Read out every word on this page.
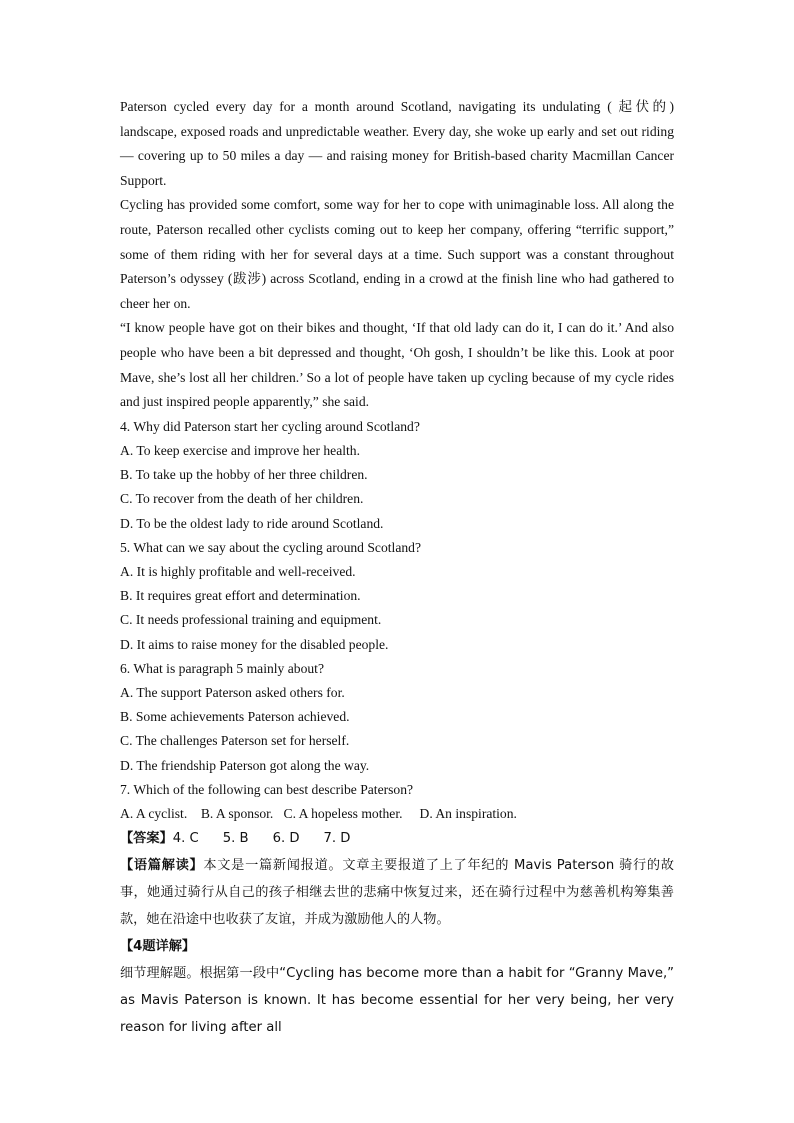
Paterson cycled every day for a month around Scotland, navigating its undulating ( 起伏的) landscape, exposed roads and unpredictable weather. Every day, she woke up early and set out riding — covering up to 50 miles a day — and raising money for British-based charity Macmillan Cancer Support.

Cycling has provided some comfort, some way for her to cope with unimaginable loss. All along the route, Paterson recalled other cyclists coming out to keep her company, offering “terrific support,” some of them riding with her for several days at a time. Such support was a constant throughout Paterson’s odyssey (跋涉) across Scotland, ending in a crowd at the finish line who had gathered to cheer her on.

“I know people have got on their bikes and thought, ‘If that old lady can do it, I can do it.’ And also people who have been a bit depressed and thought, ‘Oh gosh, I shouldn’t be like this. Look at poor Mave, she’s lost all her children.’ So a lot of people have taken up cycling because of my cycle rides and just inspired people apparently,” she said.

4. Why did Paterson start her cycling around Scotland?

A. To keep exercise and improve her health.

B. To take up the hobby of her three children.

C. To recover from the death of her children.

D. To be the oldest lady to ride around Scotland.

5. What can we say about the cycling around Scotland?

A. It is highly profitable and well-received.

B. It requires great effort and determination.

C. It needs professional training and equipment.

D. It aims to raise money for the disabled people.

6. What is paragraph 5 mainly about?

A. The support Paterson asked others for.

B. Some achievements Paterson achieved.

C. The challenges Paterson set for herself.

D. The friendship Paterson got along the way.

7. Which of the following can best describe Paterson?

A. A cyclist. B. A sponsor. C. A hopeless mother. D. An inspiration.

【答案】4. C 5. B 6. D 7. D

【语篇解读】本文是一篇新闻报道。文章主要报道了上了年纪的 Mavis Paterson 骑行的故事，她通过骑行从自己的孩子相继去世的悲痛中恢复过来，还在骑行过程中为慈善机构筹集善款，她在沿途中也收获了友谊，并成为激励他人的人物。

【4题详解】

细节理解题。根据第一段中“Cycling has become more than a habit for “Granny Mave,” as Mavis Paterson is known. It has become essential for her very being, her very reason for living after all
